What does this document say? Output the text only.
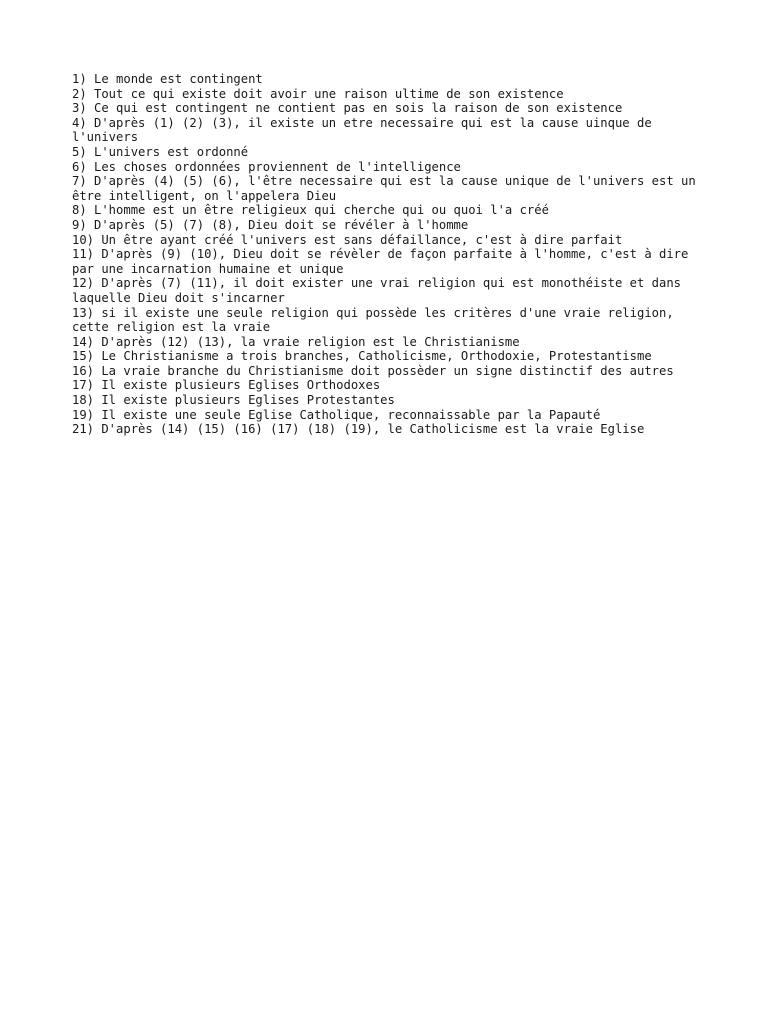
1) Le monde est contingent

2) Tout ce qui existe doit avoir une raison ultime de son existence

3) Ce qui est contingent ne contient pas en sois la raison de son existence

4) D'après (1) (2) (3), il existe un etre necessaire qui est la cause uinque de l'univers

5) L'univers est ordonné

6) Les choses ordonnées proviennent de l'intelligence

7) D'après (4) (5) (6), l'être necessaire qui est la cause unique de l'univers est un être intelligent, on l'appelera Dieu

8) L'homme est un être religieux qui cherche qui ou quoi l'a créé

9) D'après (5) (7) (8), Dieu doit se révéler à l'homme

10) Un être ayant créé l'univers est sans défaillance, c'est à dire parfait

11) D'après (9) (10), Dieu doit se révèler de façon parfaite à l'homme, c'est à dire par une incarnation humaine et unique

12) D'après (7) (11), il doit exister une vrai religion qui est monothéiste et dans laquelle Dieu doit s'incarner

13) si il existe une seule religion qui possède les critères d'une vraie religion, cette religion est la vraie

14) D'après (12) (13), la vraie religion est le Christianisme

15) Le Christianisme a trois branches, Catholicisme, Orthodoxie, Protestantisme

16) La vraie branche du Christianisme doit possèder un signe distinctif des autres

17) Il existe plusieurs Eglises Orthodoxes

18) Il existe plusieurs Eglises Protestantes

19) Il existe une seule Eglise Catholique, reconnaissable par la Papauté

21) D'après (14) (15) (16) (17) (18) (19), le Catholicisme est la vraie Eglise
